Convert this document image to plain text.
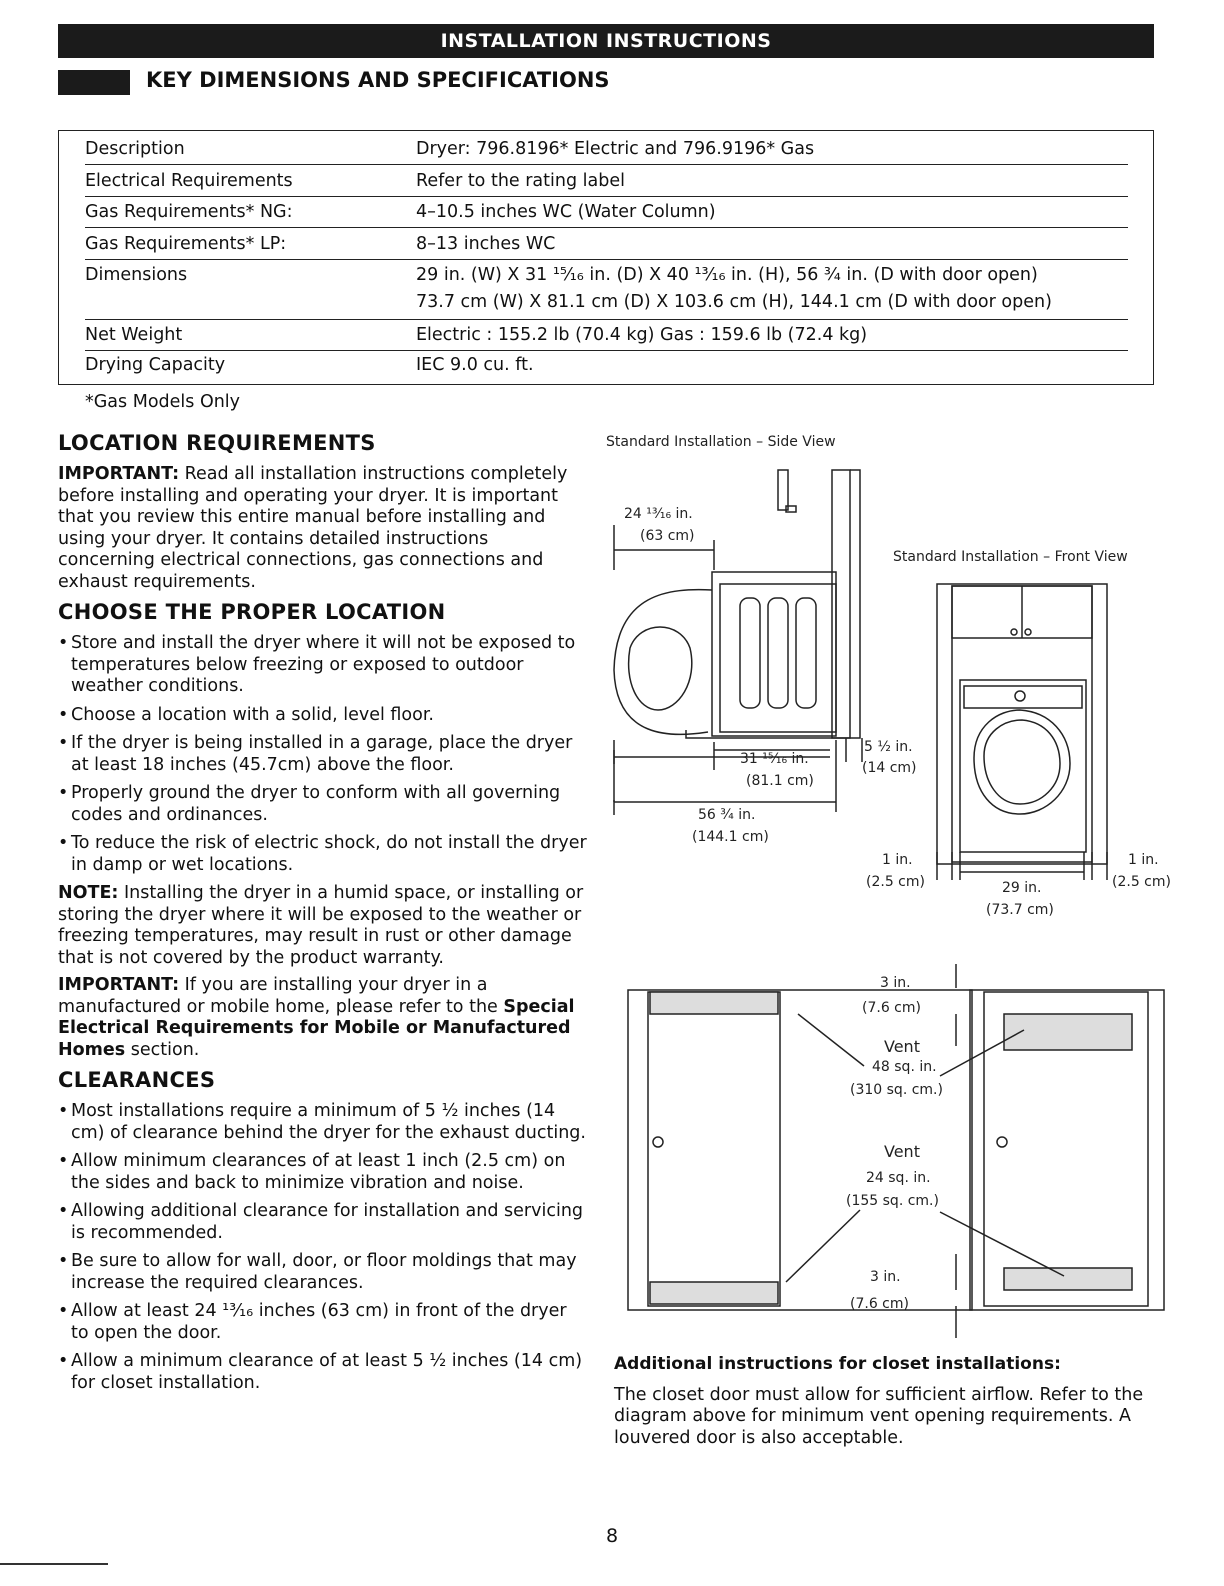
INSTALLATION INSTRUCTIONS
KEY DIMENSIONS AND SPECIFICATIONS
Description	Dryer: 796.8196* Electric and 796.9196* Gas
Electrical Requirements	Refer to the rating label
Gas Requirements* NG:	4–10.5 inches WC (Water Column)
Gas Requirements* LP:	8–13 inches WC
Dimensions	29 in. (W) X 31 ¹⁵⁄₁₆ in. (D) X 40 ¹³⁄₁₆ in. (H), 56 ¾ in. (D with door open)
73.7 cm (W) X 81.1 cm (D) X 103.6 cm (H), 144.1 cm (D with door open)
Net Weight	Electric : 155.2 lb (70.4 kg) Gas : 159.6 lb (72.4 kg)
Drying Capacity	IEC 9.0 cu. ft.
*Gas Models Only
LOCATION REQUIREMENTS

IMPORTANT: Read all installation instructions completely before installing and operating your dryer. It is important that you review this entire manual before installing and using your dryer. It contains detailed instructions concerning electrical connections, gas connections and exhaust requirements.

CHOOSE THE PROPER LOCATION
• Store and install the dryer where it will not be exposed to temperatures below freezing or exposed to outdoor weather conditions.
• Choose a location with a solid, level floor.
• If the dryer is being installed in a garage, place the dryer at least 18 inches (45.7cm) above the floor.
• Properly ground the dryer to conform with all governing codes and ordinances.
• To reduce the risk of electric shock, do not install the dryer in damp or wet locations.

NOTE: Installing the dryer in a humid space, or installing or storing the dryer where it will be exposed to the weather or freezing temperatures, may result in rust or other damage that is not covered by the product warranty.

IMPORTANT: If you are installing your dryer in a manufactured or mobile home, please refer to the Special Electrical Requirements for Mobile or Manufactured Homes section.

CLEARANCES
• Most installations require a minimum of 5 ½ inches (14 cm) of clearance behind the dryer for the exhaust ducting.
• Allow minimum clearances of at least 1 inch (2.5 cm) on the sides and back to minimize vibration and noise.
• Allowing additional clearance for installation and servicing is recommended.
• Be sure to allow for wall, door, or floor moldings that may increase the required clearances.
• Allow at least 24 ¹³⁄₁₆ inches (63 cm) in front of the dryer to open the door.
• Allow a minimum clearance of at least 5 ½ inches (14 cm) for closet installation.
Standard Installation – Side View
Standard Installation – Front View
24 ¹³⁄₁₆ in.
(63 cm)
31 ¹⁵⁄₁₆ in.
(81.1 cm)
5 ½ in.
(14 cm)
56 ¾ in.
(144.1 cm)
1 in.
(2.5 cm)	29 in.
(73.7 cm)
1 in.
(2.5 cm)
3 in.
(7.6 cm)
Vent
48 sq. in.
(310 sq. cm.)
Vent
24 sq. in.
(155 sq. cm.)
3 in.
(7.6 cm)
Additional instructions for closet installations:

The closet door must allow for sufficient airflow. Refer to the diagram above for minimum vent opening requirements. A louvered door is also acceptable.

8
